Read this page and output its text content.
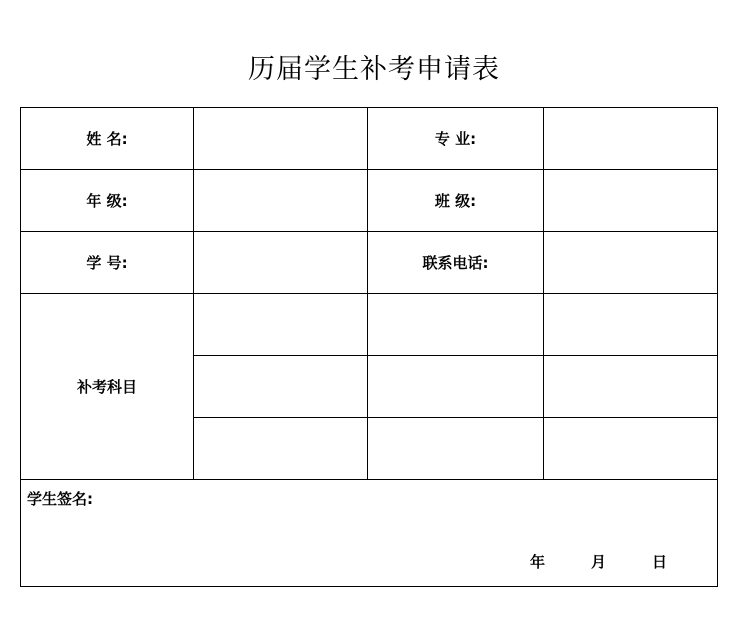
历届学生补考申请表
姓 名:		专 业:	
年 级:		班 级:	
学 号:		联系电话:	
补考科目			

学生签名:
年 月 日			
